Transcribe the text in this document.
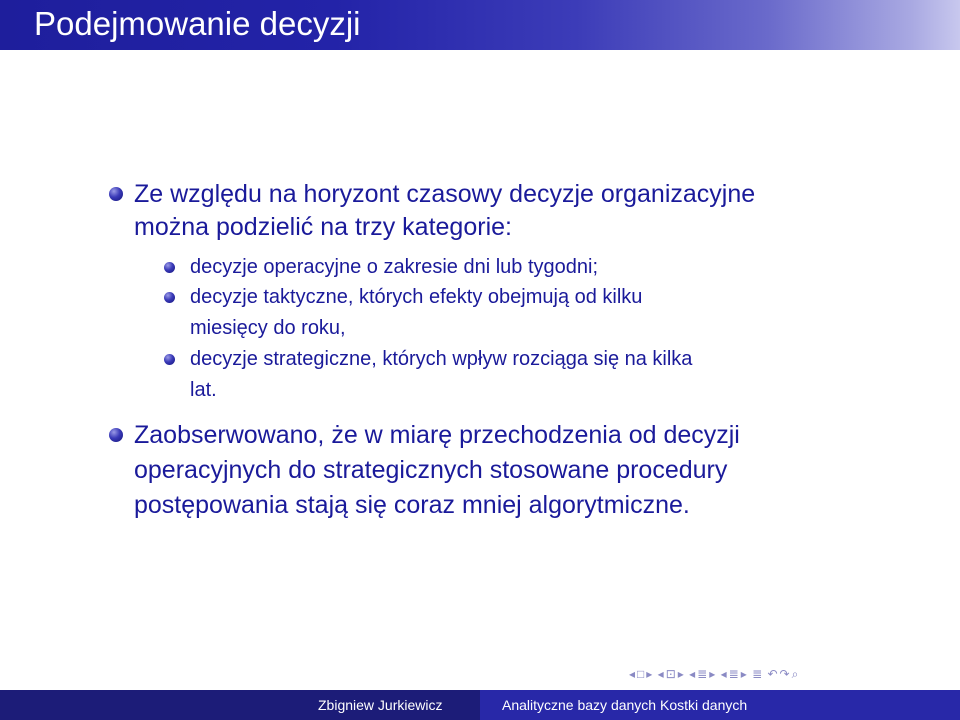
Podejmowanie decyzji
Ze względu na horyzont czasowy decyzje organizacyjne
można podzielić na trzy kategorie:
decyzje operacyjne o zakresie dni lub tygodni;
decyzje taktyczne, których efekty obejmują od kilku
miesięcy do roku,
decyzje strategiczne, których wpływ rozciąga się na kilka
lat.
Zaobserwowano, że w miarę przechodzenia od decyzji
operacyjnych do strategicznych stosowane procedury
postępowania stają się coraz mniej algorytmiczne.
◂ □ ▸ ◂ ⊡ ▸ ◂ ≣ ▸ ◂ ≣ ▸ ≣ ↶ ↷ ⌕
Zbigniew Jurkiewicz	Analityczne bazy danych Kostki danych
